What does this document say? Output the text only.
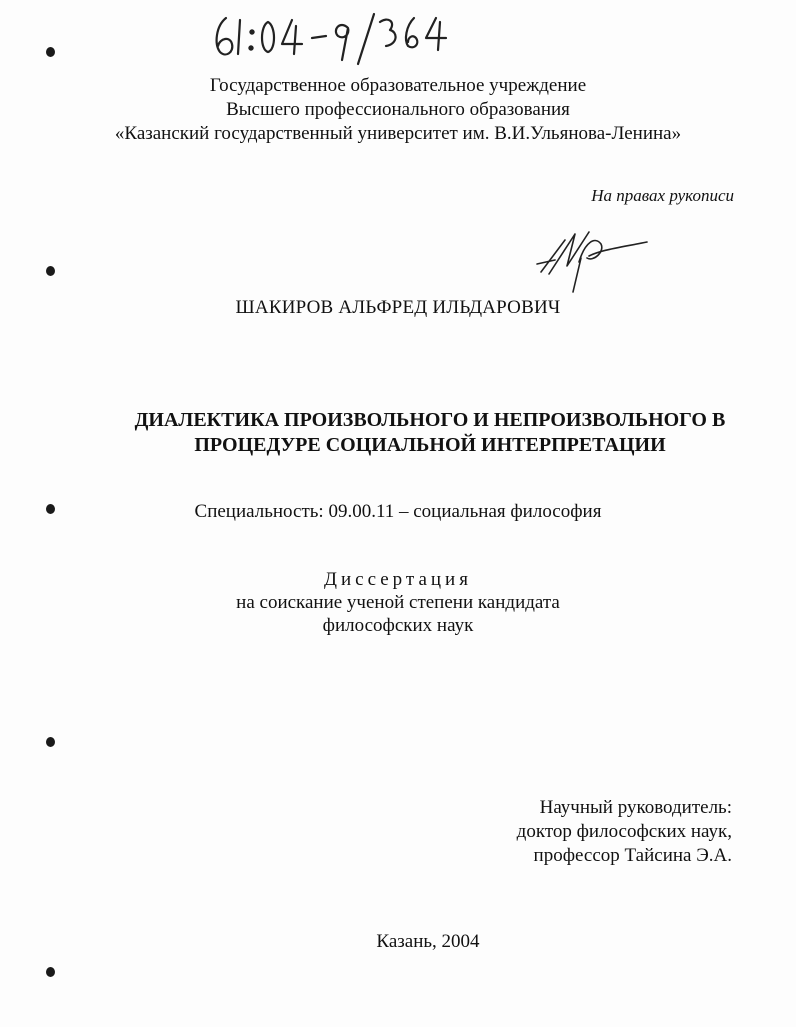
Государственное образовательное учреждение
Высшего профессионального образования
«Казанский государственный университет им. В.И.Ульянова-Ленина»
На правах рукописи
ШАКИРОВ АЛЬФРЕД ИЛЬДАРОВИЧ
ДИАЛЕКТИКА ПРОИЗВОЛЬНОГО И НЕПРОИЗВОЛЬНОГО В
ПРОЦЕДУРЕ СОЦИАЛЬНОЙ ИНТЕРПРЕТАЦИИ
Специальность: 09.00.11 – социальная философия
Диссертация
на соискание ученой степени кандидата
философских наук
Научный руководитель:
доктор философских наук,
профессор Тайсина Э.А.
Казань, 2004
